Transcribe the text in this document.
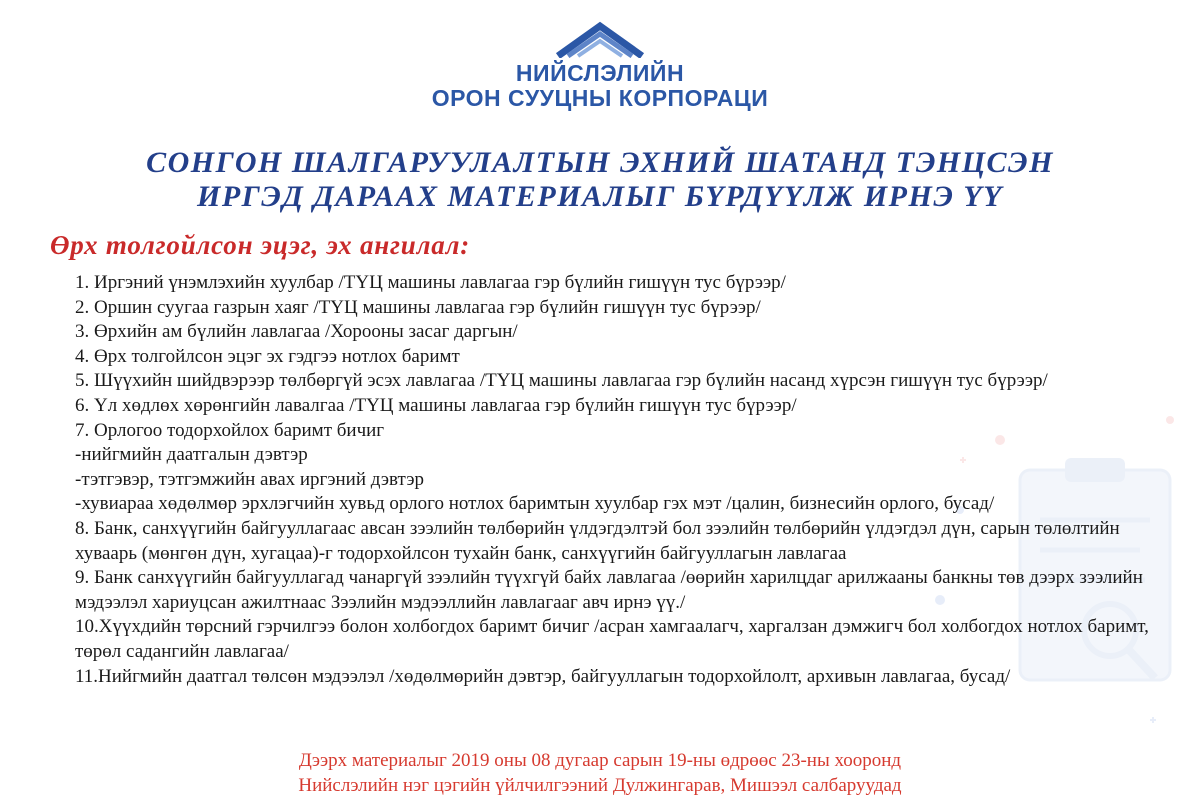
НИЙСЛЭЛИЙН
ОРОН СУУЦНЫ КОРПОРАЦИ
СОНГОН ШАЛГАРУУЛАЛТЫН ЭХНИЙ ШАТАНД ТЭНЦСЭН
ИРГЭД ДАРААХ МАТЕРИАЛЫГ БҮРДҮҮЛЖ ИРНЭ ҮҮ
Өрх толгойлсон эцэг, эх ангилал:
1. Иргэний үнэмлэхийн хуулбар /ТҮЦ машины лавлагаа гэр бүлийн гишүүн тус бүрээр/
2. Оршин суугаа газрын хаяг /ТҮЦ машины лавлагаа гэр бүлийн гишүүн тус бүрээр/
3. Өрхийн ам бүлийн лавлагаа /Хорооны засаг даргын/
4. Өрх толгойлсон эцэг эх гэдгээ нотлох баримт
5. Шүүхийн шийдвэрээр төлбөргүй эсэх лавлагаа /ТҮЦ машины лавлагаа гэр бүлийн насанд хүрсэн гишүүн тус бүрээр/
6. Үл хөдлөх хөрөнгийн лавалгаа /ТҮЦ машины лавлагаа гэр бүлийн гишүүн тус бүрээр/
7. Орлогоо тодорхойлох баримт бичиг
-нийгмийн даатгалын дэвтэр
-тэтгэвэр, тэтгэмжийн авах иргэний дэвтэр
-хувиараа хөдөлмөр эрхлэгчийн хувьд орлого нотлох баримтын хуулбар гэх мэт /цалин, бизнесийн орлого, бусад/
8. Банк, санхүүгийн байгууллагаас авсан зээлийн төлбөрийн үлдэгдэлтэй бол зээлийн төлбөрийн үлдэгдэл дүн, сарын төлөлтийн хуваарь (мөнгөн дүн, хугацаа)-г тодорхойлсон тухайн банк, санхүүгийн байгууллагын лавлагаа
9. Банк санхүүгийн байгууллагад чанаргүй зээлийн түүхгүй байх лавлагаа /өөрийн харилцдаг арилжааны банкны төв дээрх зээлийн мэдээлэл хариуцсан ажилтнаас Зээлийн мэдээллийн лавлагааг авч ирнэ үү./
10.Хүүхдийн төрсний гэрчилгээ болон холбогдох баримт бичиг /асран хамгаалагч, харгалзан дэмжигч бол холбогдох нотлох баримт, төрөл садангийн лавлагаа/
11.Нийгмийн даатгал төлсөн мэдээлэл /хөдөлмөрийн дэвтэр, байгууллагын тодорхойлолт, архивын лавлагаа, бусад/
Дээрх материалыг 2019 оны 08 дугаар сарын 19-ны өдрөөс 23-ны хооронд
Нийслэлийн нэг цэгийн үйлчилгээний Дулжингарав, Мишээл салбаруудад
